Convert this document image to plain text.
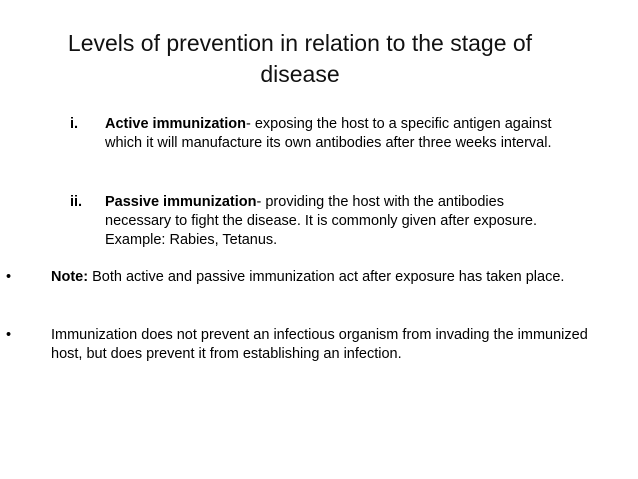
Levels of prevention in relation to the stage of
disease
i. Active immunization- exposing the host to a specific antigen against which it will manufacture its own antibodies after three weeks interval.
ii. Passive immunization- providing the host with the antibodies necessary to fight the disease. It is commonly given after exposure. Example: Rabies, Tetanus.
•	Note: Both active and passive immunization act after exposure has taken place.
•	Immunization does not prevent an infectious organism from invading the immunized host, but does prevent it from establishing an infection.
